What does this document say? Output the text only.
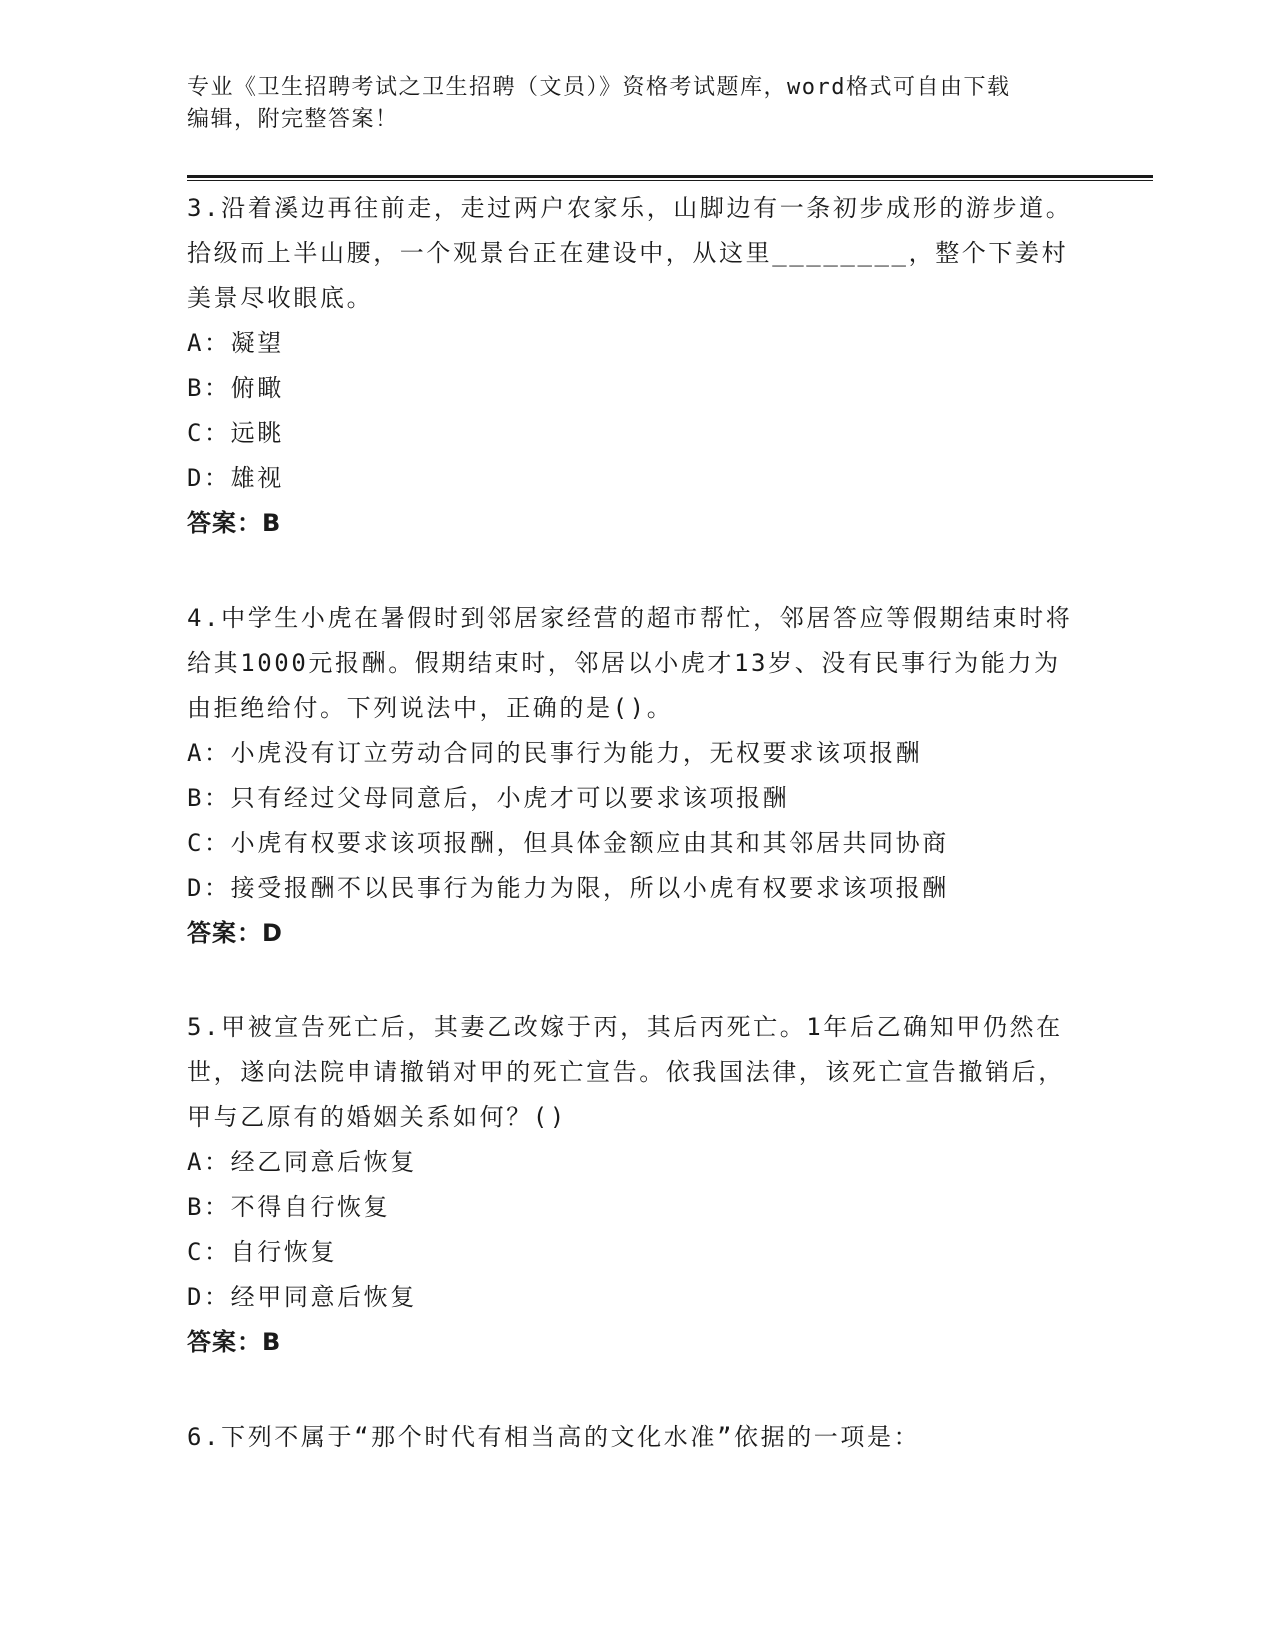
专业《卫生招聘考试之卫生招聘（文员）》资格考试题库，word格式可自由下载
编辑，附完整答案！

3.沿着溪边再往前走，走过两户农家乐，山脚边有一条初步成形的游步道。拾级而上半山腰，一个观景台正在建设中，从这里________，整个下姜村美景尽收眼底。

A：凝望

B：俯瞰

C：远眺

D：雄视

答案：B

4.中学生小虎在暑假时到邻居家经营的超市帮忙，邻居答应等假期结束时将给其1000元报酬。假期结束时，邻居以小虎才13岁、没有民事行为能力为由拒绝给付。下列说法中，正确的是()。

A：小虎没有订立劳动合同的民事行为能力，无权要求该项报酬

B：只有经过父母同意后，小虎才可以要求该项报酬

C：小虎有权要求该项报酬，但具体金额应由其和其邻居共同协商

D：接受报酬不以民事行为能力为限，所以小虎有权要求该项报酬

答案：D

5.甲被宣告死亡后，其妻乙改嫁于丙，其后丙死亡。1年后乙确知甲仍然在世，遂向法院申请撤销对甲的死亡宣告。依我国法律，该死亡宣告撤销后，甲与乙原有的婚姻关系如何？()

A：经乙同意后恢复

B：不得自行恢复

C：自行恢复

D：经甲同意后恢复

答案：B

6.下列不属于“那个时代有相当高的文化水准”依据的一项是：
